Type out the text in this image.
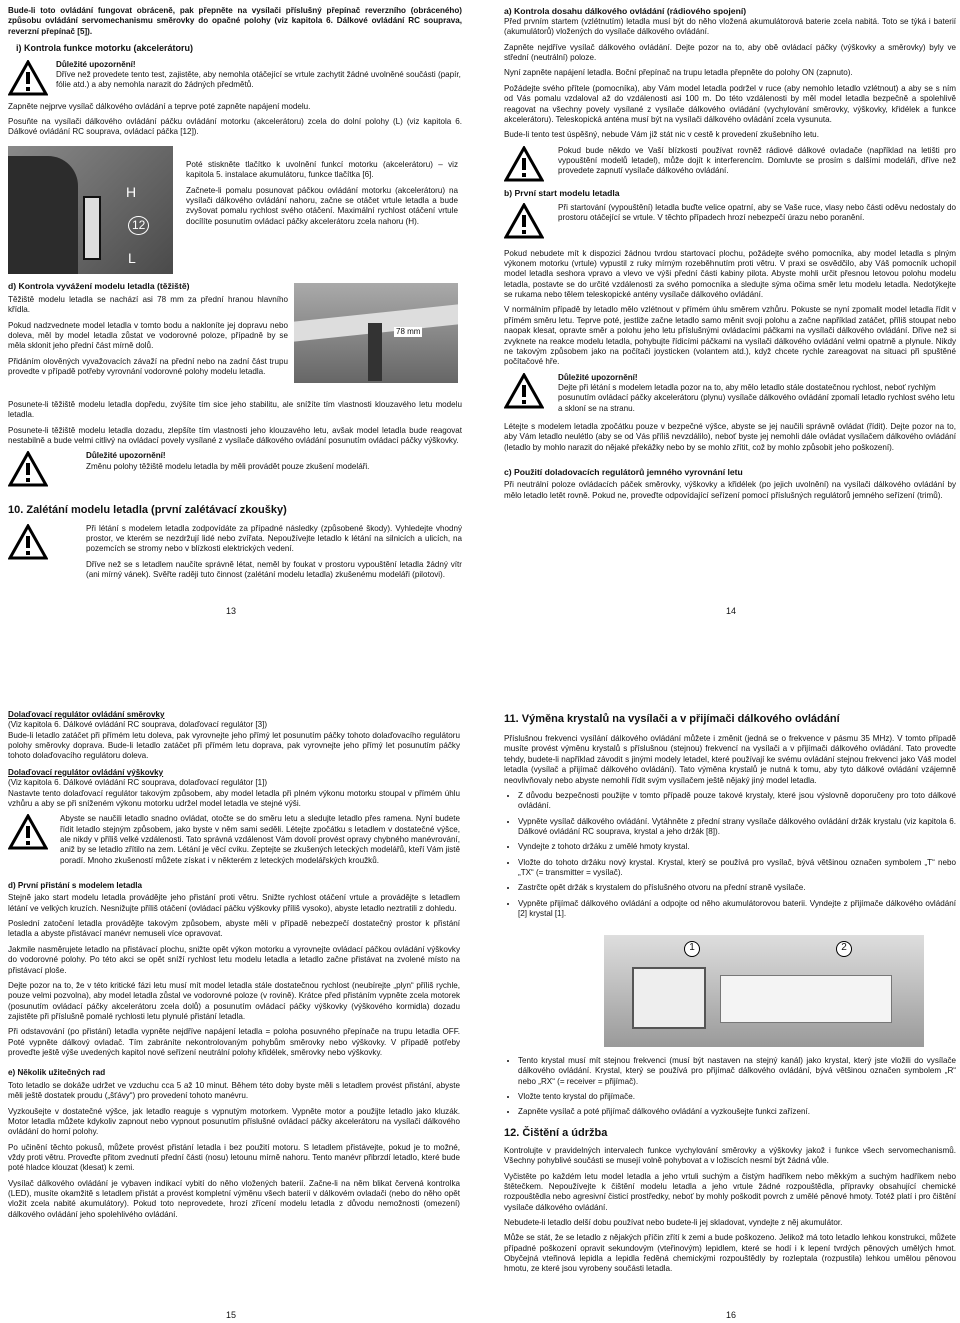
Bude-li toto ovládání fungovat obráceně, pak přepněte na vysílači příslušný přepínač reverzního (obráceného) způsobu ovládání servomechanismu směrovky do opačné polohy (viz kapitola 6. Dálkové ovládání RC souprava, reverzní přepínač [5]).

i) Kontrola funkce motorku (akcelerátoru)
Důležité upozornění!
Dříve než provedete tento test, zajistěte, aby nemohla otáčející se vrtule zachytit žádné uvolněné součásti (papír, fólie atd.) a aby nemohla narazit do žádných předmětů.

Zapněte nejprve vysílač dálkového ovládání a teprve poté zapněte napájení modelu.

Posuňte na vysílači dálkového ovládání páčku ovládání motorku (akcelerátoru) zcela do dolní polohy (L) (viz kapitola 6. Dálkové ovládání RC souprava, ovládací páčka [12]).

H
12
L

Poté stiskněte tlačítko k uvolnění funkcí motorku (akcelerátoru) – viz kapitola 5. instalace akumulátoru, funkce tlačítka [6].

Začnete-li pomalu posunovat páčkou ovládání motorku (akcelerátoru) na vysílači dálkového ovládání nahoru, začne se otáčet vrtule letadla a bude zvyšovat pomalu rychlost svého otáčení. Maximální rychlost otáčení vrtule docílíte posunutím ovládací páčky akcelerátoru zcela nahoru (H).

d) Kontrola vyvážení modelu letadla (těžiště)

Těžiště modelu letadla se nachází asi 78 mm za přední hranou hlavního křídla.

Pokud nadzvednete model letadla v tomto bodu a nakloníte jej dopravu nebo doleva, měl by model letadla zůstat ve vodorovné poloze, případně by se měla sklonit jeho přední část mírně dolů.

Přidáním olověných vyvažovacích závaží na přední nebo na zadní část trupu provedte v případě potřeby vyrovnání vodorovné polohy modelu letadla.

78 mm

Posunete-li těžiště modelu letadla dopředu, zvýšíte tím sice jeho stabilitu, ale snížíte tím vlastnosti klouzavého letu modelu letadla.

Posunete-li těžiště modelu letadla dozadu, zlepšíte tím vlastnosti jeho klouzavého letu, avšak model letadla bude reagovat nestabilně a bude velmi citlivý na ovládací povely vysílané z vysílače dálkového ovládání posunutím ovládací páčky výškovky.

Důležité upozornění!
Změnu polohy těžiště modelu letadla by měli provádět pouze zkušení modeláři.
10. Zalétání modelu letadla (první zalétávací zkoušky)

Při létání s modelem letadla zodpovídáte za případné následky (způsobené škody). Vyhledejte vhodný prostor, ve kterém se nezdržují lidé nebo zvířata. Nepoužívejte letadlo k létání na silnicích a ulicích, na pozemcích se stromy nebo v blízkosti elektrických vedení.

Dříve než se s letadlem naučíte správně létat, neměl by foukat v prostoru vypouštění letadla žádný vítr (ani mírný vánek). Svěřte raději tuto činnost (zalétání modelu letadla) zkušenému modeláři (pilotovi).

13
a) Kontrola dosahu dálkového ovládání (rádiového spojení)

Před prvním startem (vzlétnutím) letadla musí být do něho vložená akumulátorová baterie zcela nabitá. Toto se týká i baterií (akumulátorů) vložených do vysílače dálkového ovládání.

Zapněte nejdříve vysílač dálkového ovládání. Dejte pozor na to, aby obě ovládací páčky (výškovky a směrovky) byly ve střední (neutrální) poloze.

Nyní zapněte napájení letadla. Boční přepínač na trupu letadla přepněte do polohy ON (zapnuto).

Požádejte svého přítele (pomocníka), aby Vám model letadla podržel v ruce (aby nemohlo letadlo vzlétnout) a aby se s ním od Vás pomalu vzdaloval až do vzdálenosti asi 100 m. Do této vzdálenosti by měl model letadla bezpečně a spolehlivě reagovat na všechny povely vysílané z vysílače dálkového ovládání (vychylování směrovky, výškovky, křidélek a funkce akcelerátoru). Teleskopická anténa musí být na vysílači dálkového ovládání zcela vysunuta.

Bude-li tento test úspěšný, nebude Vám již stát nic v cestě k provedení zkušebního letu.

Pokud bude někdo ve Vaší blízkosti používat rovněž rádiové dálkové ovladače (například na letišti pro vypouštění modelů letadel), může dojít k interferencím. Domluvte se prosím s dalšími modeláři, dříve než provedete zapnutí vysílače dálkového ovládání.

b) První start modelu letadla

Při startování (vypouštění) letadla buďte velice opatrní, aby se Vaše ruce, vlasy nebo části oděvu nedostaly do prostoru otáčející se vrtule. V těchto případech hrozí nebezpečí úrazu nebo poranění.

Pokud nebudete mít k dispozici žádnou tvrdou startovací plochu, požádejte svého pomocníka, aby model letadla s plným výkonem motorku (vrtule) vypustil z ruky mírným rozeběhnutím proti větru. V praxi se osvědčilo, aby Váš pomocník uchopil model letadla seshora vpravo a vlevo ve výši přední části kabiny pilota. Abyste mohli určit přesnou letovou polohu modelu letadla, postavte se do určité vzdálenosti za svého pomocníka a sledujte sýma očima směr letu modelu letadla. Nedotýkejte se rukama nebo tělem teleskopické antény vysílače dálkového ovládání.

V normálním případě by letadlo mělo vzlétnout v přímém úhlu směrem vzhůru. Pokuste se nyní zpomalit model letadla řídit v přímém směru letu. Teprve poté, jestliže začne letadlo samo měnit svoji polohu a začne například zatáčet, příliš stoupat nebo naopak klesat, opravte směr a polohu jeho letu příslušnými ovládacími páčkami na vysílači dálkového ovládání. Dříve než si zvyknete na reakce modelu letadla, pohybujte řídicími páčkami na vysílači dálkového ovládání velmi opatrně a plynule. Nikdy ne takovým způsobem jako na počítači joysticken (volantem atd.), když chcete rychle zareagovat na situaci při spuštěné počítačové hře.

Důležité upozornění!
Dejte při létání s modelem letadla pozor na to, aby mělo letadlo stále dostatečnou rychlost, neboť rychlým posunutím ovládací páčky akcelerátoru (plynu) vysílače dálkového ovládání zpomalí letadlo rychlost svého letu a skloní se na stranu.

Létejte s modelem letadla zpočátku pouze v bezpečné výšce, abyste se jej naučili správně ovládat (řídit). Dejte pozor na to, aby Vám letadlo neulétlo (aby se od Vás příliš nevzdálilo), neboť byste jej nemohli dále ovládat vysílačem dálkového ovládání (letadlo by mohlo narazit do nějaké překážky nebo by se mohlo zřítit, což by mohlo způsobit jeho poškození).

c) Použití doladovacích regulátorů jemného vyrovnání letu

Při neutrální poloze ovládacích páček směrovky, výškovky a křidélek (po jejich uvolnění) na vysílači dálkového ovládání by mělo letadlo letět rovně. Pokud ne, proveďte odpovídající seřízení pomocí příslušných regulátorů jemného seřízení (trimů).

14
Dolaďovací regulátor ovládání směrovky
(Viz kapitola 6. Dálkové ovládání RC souprava, dolaďovací regulátor [3])

Bude-li letadlo zatáčet při přímém letu doleva, pak vyrovnejte jeho přímý let posunutím páčky tohoto dolaďovacího regulátoru polohy směrovky doprava. Bude-li letadlo zatáčet při přímém letu doprava, pak vyrovnejte jeho přímý let posunutím páčky tohoto dolaďovacího regulátoru doleva.

Dolaďovací regulátor ovládání výškovky
(Viz kapitola 6. Dálkové ovládání RC souprava, dolaďovací regulátor [1])

Nastavte tento dolaďovací regulátor takovým způsobem, aby model letadla při plném výkonu motorku stoupal v přímém úhlu vzhůru a aby se při sníženém výkonu motorku udržel model letadla ve stejné výši.

Abyste se naučili letadlo snadno ovládat, otočte se do směru letu a sledujte letadlo přes ramena. Nyní budete řídit letadlo stejným způsobem, jako byste v něm sami seděli. Létejte zpočátku s letadlem v dostatečné výšce, ale nikdy v příliš velké vzdálenosti. Tato správná vzdálenost Vám dovolí provést opravy chybného manévrování, aniž by se letadlo zřítilo na zem. Létání je věcí cviku. Zeptejte se zkušených leteckých modelářů, kteří Vám jistě poradí. Mnoho zkušeností můžete získat i v některém z leteckých modelářských kroužků.

d) První přistání s modelem letadla

Stejně jako start modelu letadla provádějte jeho přistání proti větru. Snižte rychlost otáčení vrtule a provádějte s letadlem létání ve velkých kruzích. Nesnižujte příliš otáčení (ovládací páčku výškovky příliš vysoko), abyste letadlo neztratili z dohledu.

Poslední zatočení letadla provádějte takovým způsobem, abyste měli v případě nebezpečí dostatečný prostor k přistání letadla a abyste přistávací manévr nemuseli více opravovat.

Jakmile nasměrujete letadlo na přistávací plochu, snižte opět výkon motorku a vyrovnejte ovládací páčkou ovládání výškovky do vodorovné polohy. Po této akci se opět sníží rychlost letu modelu letadla a letadlo začne přistávat na zvolené místo na přistávací ploše.

Dejte pozor na to, že v této kritické fázi letu musí mít model letadla stále dostatečnou rychlost (neubírejte „plyn“ příliš rychle, pouze velmi pozvolna), aby model letadla zůstal ve vodorovné poloze (v rovině). Krátce před přistáním vypněte zcela motorek (posunutím ovládací páčky akcelerátoru zcela dolů) a posunutím ovládací páčky výškovky (výškového kormidla) dozadu zajistěte při příslušně pomalé rychlosti letu plynulé přistání letadla.

Při odstavování (po přistání) letadla vypněte nejdříve napájení letadla = poloha posuvného přepínače na trupu letadla OFF. Poté vypněte dálkový ovladač. Tím zabráníte nekontrolovaným pohybům směrovky nebo výškovky. V případě potřeby proveďte ještě výše uvedených kapitol nové seřízení neutrální polohy křidélek, směrovky nebo výškovky.

e) Několik užitečných rad

Toto letadlo se dokáže udržet ve vzduchu cca 5 až 10 minut. Během této doby byste měli s letadlem provést přistání, abyste měli ještě dostatek proudu („šťávy“) pro provedení tohoto manévru.

Vyzkoušejte v dostatečné výšce, jak letadlo reaguje s vypnutým motorkem. Vypněte motor a použijte letadlo jako kluzák. Motor letadla můžete kdykoliv zapnout nebo vypnout posunutím příslušné ovládací páčky akcelerátoru na vysílači dálkového ovládání do horní polohy.

Po učinění těchto pokusů, můžete provést přistání letadla i bez použití motoru. S letadlem přistávejte, pokud je to možné, vždy proti větru. Proveďte přitom zvednutí přední části (nosu) letounu mírně nahoru. Tento manévr přibrzdí letadlo, které bude poté hladce klouzat (klesat) k zemi.

Vysílač dálkového ovládání je vybaven indikací vybití do něho vložených baterií. Začne-li na něm blikat červená kontrolka (LED), musíte okamžitě s letadlem přistát a provést kompletní výměnu všech baterií v dálkovém ovladači (nebo do něho opět vložit zcela nabité akumulátory). Pokud toto neprovedete, hrozí zřícení modelu letadla z důvodu nemožnosti (omezení) dálkového ovládání jeho spolehlivého ovládání.

15
11. Výměna krystalů na vysílači a v přijímači dálkového ovládání

Příslušnou frekvenci vysílání dálkového ovládání můžete i změnit (jedná se o frekvence v pásmu 35 MHz). V tomto případě musíte provést výměnu krystalů s příslušnou (stejnou) frekvencí na vysílači a v přijímači dálkového ovládání. Tato provedte tehdy, budete-li například závodit s jinými modely letadel, které používají ke svému ovládání stejnou frekvenci jako Váš model letadla (vysílač a přijímač dálkového ovládání). Tato výměna krystalů je nutná k tomu, aby tyto dálkové ovládání vzájemně neovlivňovaly nebo abyste nemohli řídit svým vysílačem ještě nějaký jiný model letadla.

• Z důvodu bezpečnosti použijte v tomto případě pouze takové krystaly, které jsou výslovně doporučeny pro toto dálkové ovládání.
• Vypněte vysílač dálkového ovládání. Vytáhněte z přední strany vysílače dálkového ovládání držák krystalu (viz kapitola 6. Dálkové ovládání RC souprava, krystal a jeho držák [8]).
• Vyndejte z tohoto držáku z umělé hmoty krystal.
• Vložte do tohoto držáku nový krystal. Krystal, který se používá pro vysílač, bývá většinou označen symbolem „T“ nebo „TX“ (= transmitter = vysílač).
• Zastrčte opět držák s krystalem do příslušného otvoru na přední straně vysílače.
• Vypněte přijímač dálkového ovládání a odpojte od něho akumulátorovou baterii. Vyndejte z přijímače dálkového ovládání [2] krystal [1].
1	2
• Tento krystal musí mít stejnou frekvenci (musí být nastaven na stejný kanál) jako krystal, který jste vložili do vysílače dálkového ovládání. Krystal, který se používá pro přijímač dálkového ovládání, bývá většinou označen symbolem „R“ nebo „RX“ (= receiver = přijímač).
• Vložte tento krystal do přijímače.
• Zapněte vysílač a poté přijímač dálkového ovládání a vyzkoušejte funkci zařízení.
12. Čištění a údržba

Kontrolujte v pravidelných intervalech funkce vychylování směrovky a výškovky jakož i funkce všech servomechanismů. Všechny pohyblivé součásti se musejí volně pohybovat a v ložiscích nesmí být žádná vůle.

Vyčistěte po každém letu model letadla a jeho vrtuli suchým a čistým hadříkem nebo měkkým a suchým hadříkem nebo štětečkem. Nepoužívejte k čištění modelu letadla a jeho vrtule žádné rozpouštědla, přípravky obsahující chemické rozpouštědla nebo agresivní čisticí prostředky, neboť by mohly poškodit povrch z umělé pěnové hmoty. Totéž platí i pro čištění vysílače dálkového ovládání.

Nebudete-li letadlo delší dobu používat nebo budete-li jej skladovat, vyndejte z něj akumulátor.

Může se stát, že se letadlo z nějakých příčin zřítí k zemi a bude poškozeno. Jelikož má toto letadlo lehkou konstrukci, můžete případné poškození opravit sekundovým (vteřinovým) lepidlem, které se hodí i k lepení tvrdých pěnových umělých hmot. Obyčejná vteřinová lepidla a lepidla ředěná chemickými rozpouštědly by rozleptala (rozpustila) lehkou umělou pěnovou hmotu, ze které jsou vyrobeny součásti letadla.

16
